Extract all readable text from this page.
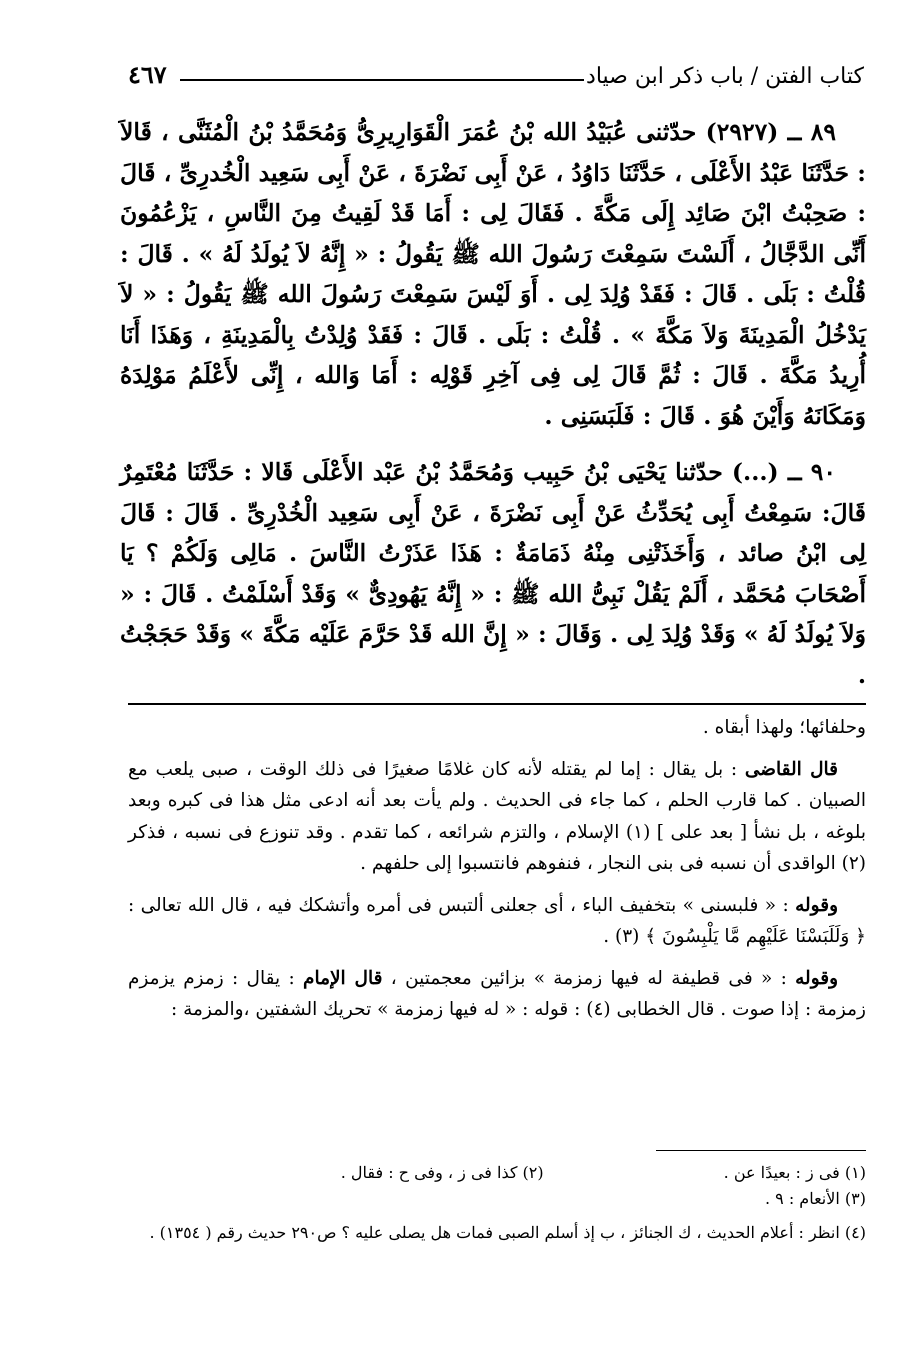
كتاب الفتن / باب ذكر ابن صياد
٤٦٧

٨٩ ــ (٢٩٢٧) حدّثنى عُبَيْدُ الله بْنُ عُمَرَ الْقَوَارِيرِىُّ وَمُحَمَّدُ بْنُ الْمُثَنَّى ، قَالاَ : حَدَّثَنَا عَبْدُ الأَعْلَى ، حَدَّثَنَا دَاوُدُ ، عَنْ أَبِى نَضْرَةَ ، عَنْ أَبِى سَعِيد الْخُدرِىِّ ، قَالَ : صَحِبْتُ ابْنَ صَائِد إِلَى مَكَّةَ . فَقَالَ لِى : أَمَا قَدْ لَقِيتُ مِنَ النَّاسِ ، يَزْعُمُونَ أَنِّى الدَّجَّالُ ، أَلَسْتَ سَمِعْتَ رَسُولَ الله ﷺ يَقُولُ : « إِنَّهُ لاَ يُولَدُ لَهُ » . قَالَ : قُلْتُ : بَلَى . قَالَ : فَقَدْ وُلِدَ لِى . أَوَ لَيْسَ سَمِعْتَ رَسُولَ الله ﷺ يَقُولُ : « لاَ يَدْخُلُ الْمَدِينَةَ وَلاَ مَكَّةَ » . قُلْتُ : بَلَى . قَالَ : فَقَدْ وُلِدْتُ بِالْمَدِينَةِ ، وَهَذَا أَنَا أُرِيدُ مَكَّةَ . قَالَ : ثُمَّ قَالَ لِى فِى آخِرِ قَوْلِه : أَمَا وَالله ، إِنِّى لأَعْلَمُ مَوْلِدَهُ وَمَكَانَهُ وَأَيْنَ هُوَ . قَالَ : فَلَبَسَنِى .

٩٠ ــ (...) حدّثنا يَحْيَى بْنُ حَبِيب وَمُحَمَّدُ بْنُ عَبْد الأَعْلَى قَالا : حَدَّثَنَا مُعْتَمِرٌ قَالَ: سَمِعْتُ أَبِى يُحَدِّثُ عَنْ أَبِى نَضْرَةَ ، عَنْ أَبِى سَعِيد الْخُدْرِىِّ . قَالَ : قَالَ لِى ابْنُ صائد ، وَأَخَذَتْنِى مِنْهُ ذَمَامَةٌ : هَذَا عَذَرْتُ النَّاسَ . مَالِى وَلَكُمْ ؟ يَا أَصْحَابَ مُحَمَّد ، أَلَمْ يَقُلْ نَبِىُّ الله ﷺ : « إِنَّهُ يَهُودِىٌّ » وَقَدْ أَسْلَمْتُ . قَالَ : « وَلاَ يُولَدُ لَهُ » وَقَدْ وُلِدَ لِى . وَقَالَ : « إِنَّ الله قَدْ حَرَّمَ عَلَيْه مَكَّةَ » وَقَدْ حَجَجْتُ .

وحلفائها؛ ولهذا أبقاه .

قال القاضى : بل يقال : إما لم يقتله لأنه كان غلامًا صغيرًا فى ذلك الوقت ، صبى يلعب مع الصبيان . كما قارب الحلم ، كما جاء فى الحديث . ولم يأت بعد أنه ادعى مثل هذا فى كبره وبعد بلوغه ، بل نشأ [ بعد على ] (١) الإسلام ، والتزم شرائعه ، كما تقدم . وقد تنوزع فى نسبه ، فذكر (٢) الواقدى أن نسبه فى بنى النجار ، فنفوهم فانتسبوا إلى حلفهم .

وقوله : « فلبسنى » بتخفيف الباء ، أى جعلنى ألتبس فى أمره وأتشكك فيه ، قال الله تعالى : ﴿ وَلَلَبَسْنَا عَلَيْهِم مَّا يَلْبِسُونَ ﴾ (٣) .

وقوله : « فى قطيفة له فيها زمزمة » بزائين معجمتين ، قال الإمام : يقال : زمزم يزمزم زمزمة : إذا صوت . قال الخطابى (٤) : قوله : « له فيها زمزمة » تحريك الشفتين ،والمزمة :

(١) فى ز : بعيدًا عن .
(٢) كذا فى ز ، وفى ح : فقال .

(٣) الأنعام : ٩ .

(٤) انظر : أعلام الحديث ، ك الجنائز ، ب إذ أسلم الصبى فمات هل يصلى عليه ؟ ص٢٩٠ حديث رقم ( ١٣٥٤) .
